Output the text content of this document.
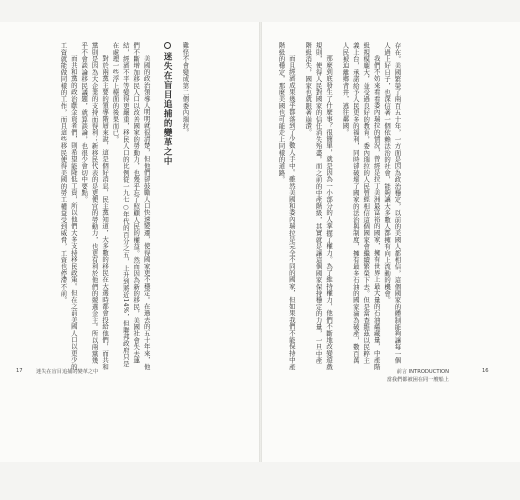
難怪不會變成第二個委內瑞拉。

迷失在盲目追捕的變革之中

美國的政治領導人明明就很清楚，但他們卻鼓勵人口快速變遷，使得國家更不穩定。在過去的五十年來，他們不斷增加移民人口以改善國家的勞動力，也幾乎忘了照顧人民的權益。然而因為新的移民，美國社會失去連結，經濟不平等變得更嚴重，移民人口的比例從一九七○年代的百分之五，上升到將近14%，但聯邦政府只是在處理一些浮上檯面的後果而已。

對於兩黨主要的領導階層來說，這是個好消息，民主黨知道，大多數的移民在大選時都會投給他們，而共和黨則是因為大企業的支持而得利；新移民代表的是更便宜的勞動力，也更有利於他們的競選金主。所以兩黨幾乎不會談論移民議題，就算談論，也很少會切中要點。

而共和黨的政治獻金資者們，則希望能降低工資，所以他們大多支持移民政策。但在之前美國人口以更少的工資就能做同樣的工作，而且這些移民使得美國的勞工權益受到威脅，工資也停滯不前。	存在。美國繁榮了兩百五十年，一方面是因為政治穩定，以前的美國人都相信，這個國家的體制能夠讓每一個人過上好日子，也深信著一個依賴法治的社會，能夠讓大多數人都擁有向上流動的機會。

我們不妨來看看委內瑞拉的情況，曾經是拉丁美洲最富裕的國家，擁有世界上最大量的石油蘊藏量，中產階級規模龐大，並受過良好的教育，委內瑞拉的人民曾經相信這個國家會繼續繁榮下去。但是當查維茲以民粹主義上台，承諾給予人民更多的福利，同時卻破壞了國家的法治與制度，擁有最多石油的國家淪為破產，數百萬人民被迫離鄉背井，逃往鄰國。

那麼到底發生了什麼事？很簡單，就是因為一小部分的人掌握了權力。為了維持權力，他們不斷地改變遊戲規則，使得人民對國家的信任消失殆盡。而之前的中產階級，其實就是讓這個國家保持穩定的力量，一旦中產階級消失，國家也就跟著崩潰。

而且經濟成果幾乎都落到了少數人手中。雖然美國和委內瑞拉是完全不同的國家，但如果我們不能保持中產階級的穩定，那麼美國也可能走上同樣的道路。

17	迷失在盲目追捕的變革之中	前言 INTRODUCTION
當我們都被困在同一艘船上
16
